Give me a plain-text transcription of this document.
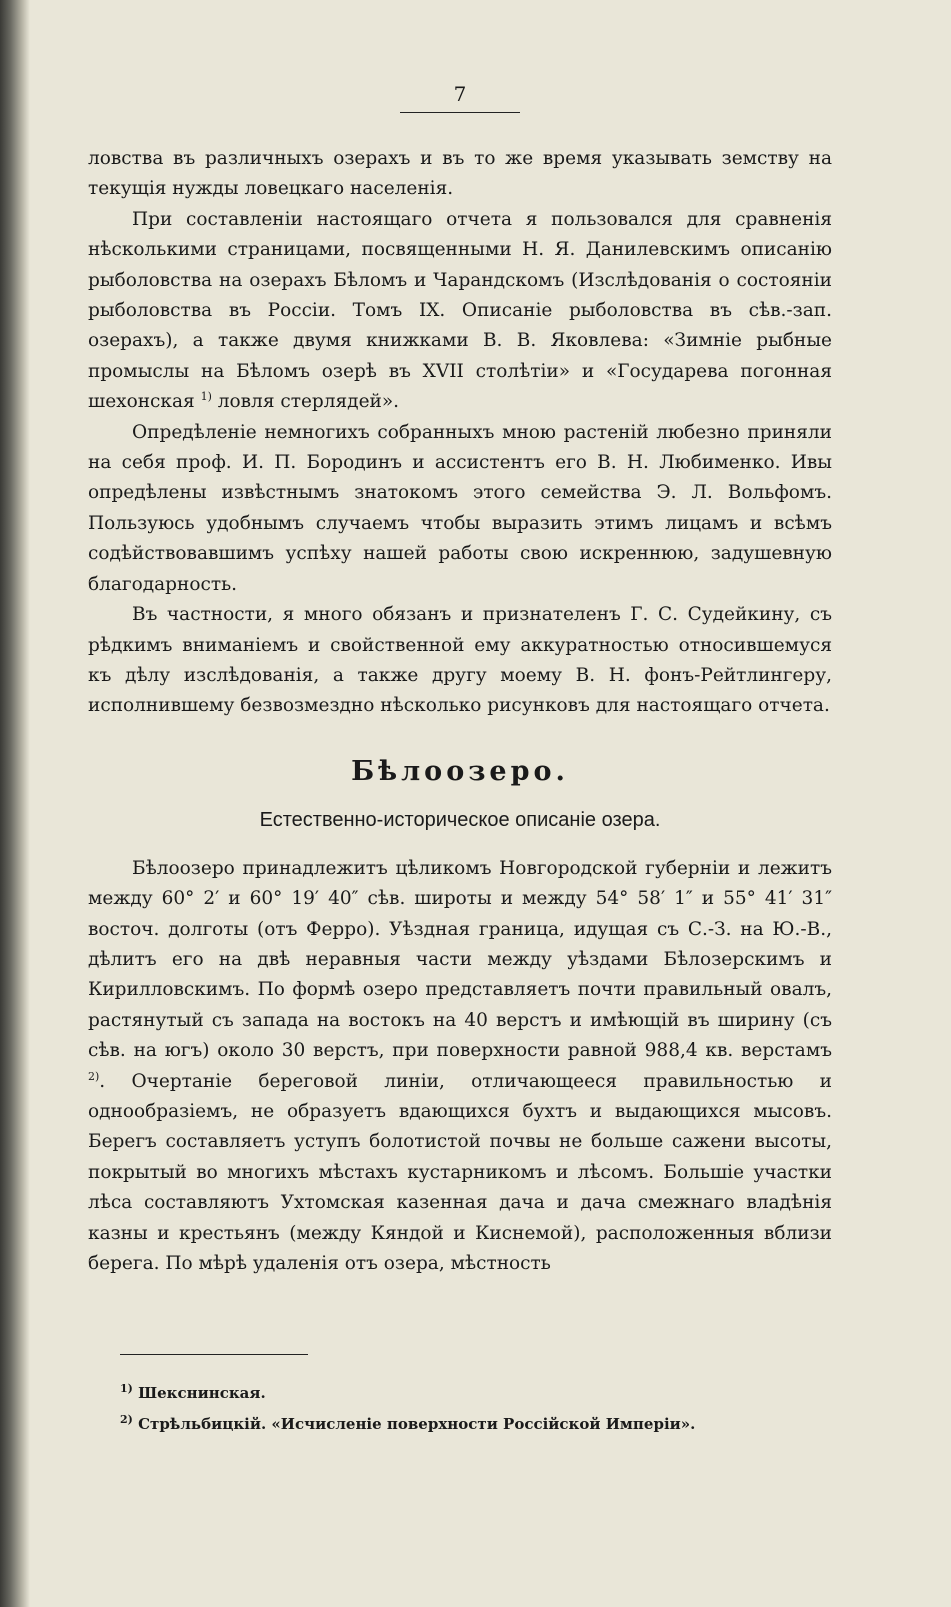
7

ловства въ различныхъ озерахъ и въ то же время указывать земству на текущія нужды ловецкаго населенія.

При составленіи настоящаго отчета я пользовался для сравненія нѣсколькими страницами, посвященными Н. Я. Данилевскимъ описанію рыболовства на озерахъ Бѣломъ и Чарандскомъ (Изслѣдованія о состояніи рыболовства въ Россіи. Томъ IX. Описаніе рыболовства въ сѣв.-зап. озерахъ), а также двумя книжками В. В. Яковлева: «Зимніе рыбные промыслы на Бѣломъ озерѣ въ XVII столѣтіи» и «Государева погонная шехонская $^{1)}$ ловля стерлядей».

Опредѣленіе немногихъ собранныхъ мною растеній любезно приняли на себя проф. И. П. Бородинъ и ассистентъ его В. Н. Любименко. Ивы опредѣлены извѣстнымъ знатокомъ этого семейства Э. Л. Вольфомъ. Пользуюсь удобнымъ случаемъ чтобы выразить этимъ лицамъ и всѣмъ содѣйствовавшимъ успѣху нашей работы свою искреннюю, задушевную благодарность.

Въ частности, я много обязанъ и признателенъ Г. С. Судейкину, съ рѣдкимъ вниманіемъ и свойственной ему аккуратностью относившемуся къ дѣлу изслѣдованія, а также другу моему В. Н. фонъ-Рейтлингеру, исполнившему безвозмездно нѣсколько рисунковъ для настоящаго отчета.

Бѣлоозеро.
Естественно-историческое описаніе озера.

Бѣлоозеро принадлежитъ цѣликомъ Новгородской губерніи и лежитъ между 60° 2′ и 60° 19′ 40″ сѣв. широты и между 54° 58′ 1″ и 55° 41′ 31″ восточ. долготы (отъ Ферро). Уѣздная граница, идущая съ С.-З. на Ю.-В., дѣлитъ его на двѣ неравныя части между уѣздами Бѣлозерскимъ и Кирилловскимъ. По формѣ озеро представляетъ почти правильный овалъ, растянутый съ запада на востокъ на 40 верстъ и имѣющій въ ширину (съ сѣв. на югъ) около 30 верстъ, при поверхности равной 988,4 кв. верстамъ $^{2)}$. Очертаніе береговой линіи, отличающееся правильностью и однообразіемъ, не образуетъ вдающихся бухтъ и выдающихся мысовъ. Берегъ составляетъ уступъ болотистой почвы не больше сажени высоты, покрытый во многихъ мѣстахъ кустарникомъ и лѣсомъ. Большіе участки лѣса составляютъ Ухтомская казенная дача и дача смежнаго владѣнія казны и крестьянъ (между Кяндой и Киснемой), расположенныя вблизи берега. По мѣрѣ удаленія отъ озера, мѣстность

$^{1)}$ Шекснинская.
$^{2)}$ Стрѣльбицкій. «Исчисленіе поверхности Россійской Имперіи».
